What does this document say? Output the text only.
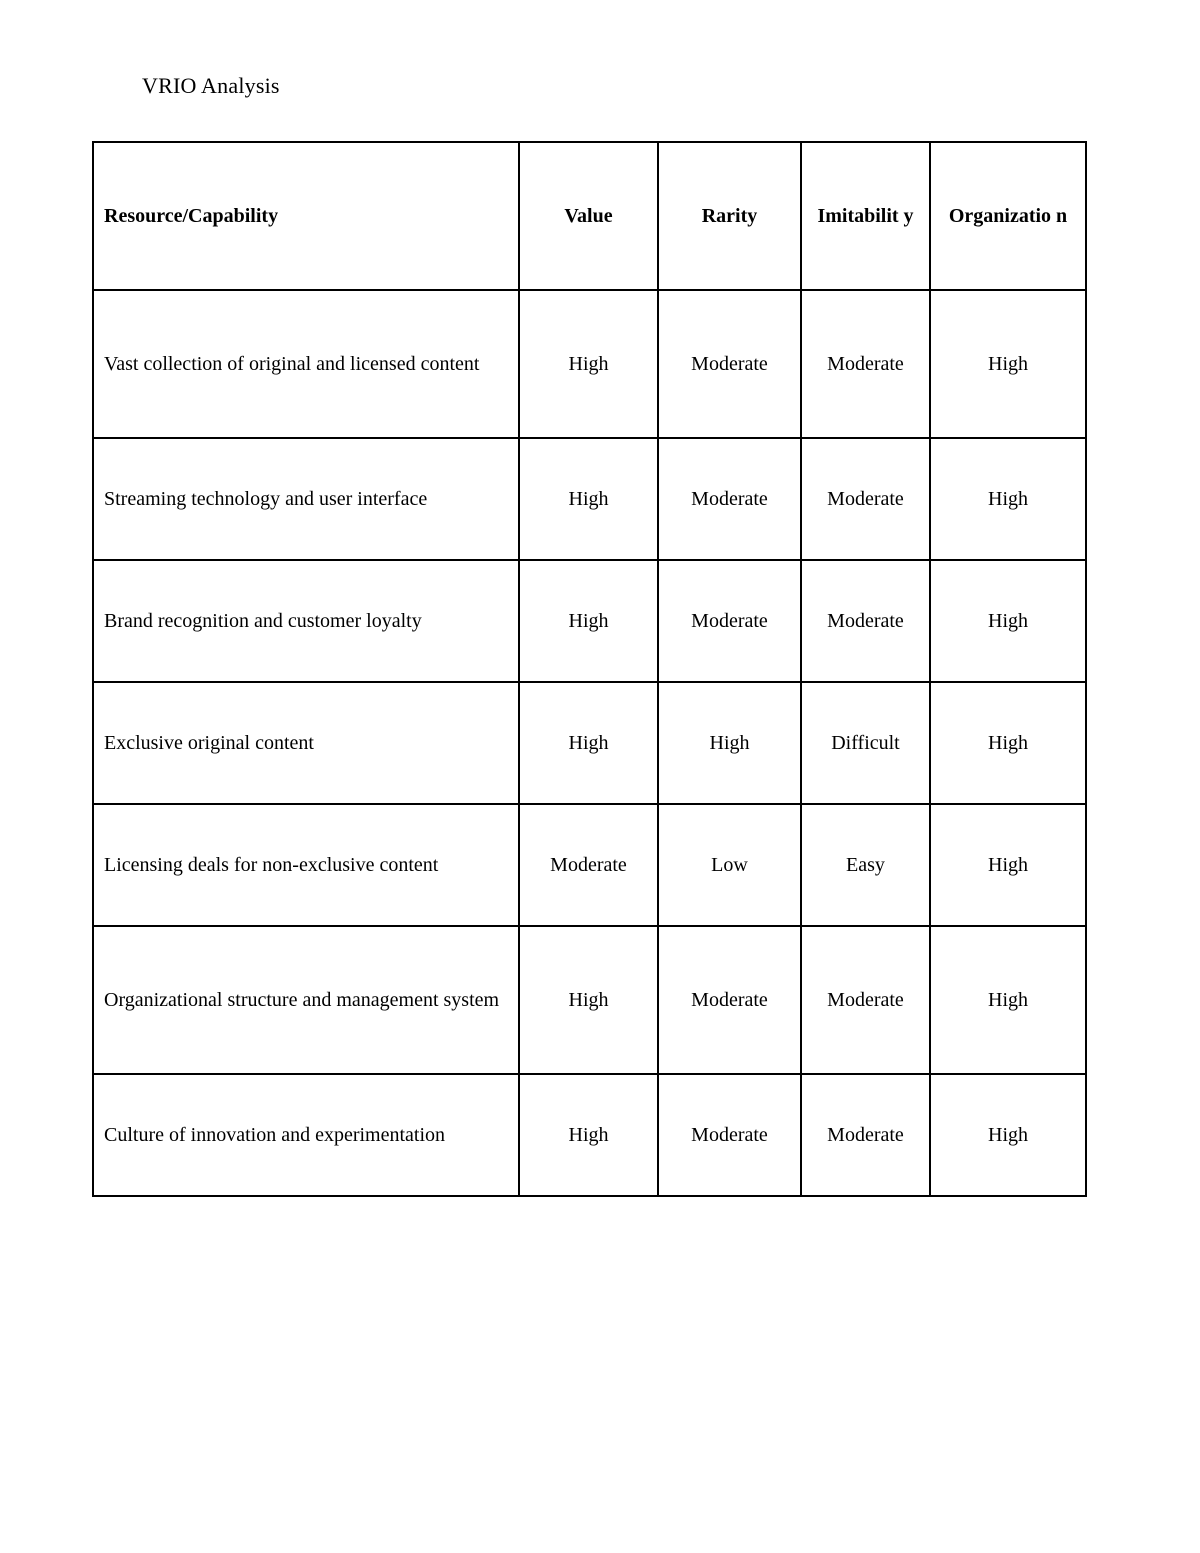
VRIO Analysis
Resource/Capability	Value	Rarity	Imitabilit y	Organizatio n
Vast collection of original and licensed content	High	Moderate	Moderate	High
Streaming technology and user interface	High	Moderate	Moderate	High
Brand recognition and customer loyalty	High	Moderate	Moderate	High
Exclusive original content	High	High	Difficult	High
Licensing deals for non-exclusive content	Moderate	Low	Easy	High
Organizational structure and management system	High	Moderate	Moderate	High
Culture of innovation and experimentation	High	Moderate	Moderate	High
